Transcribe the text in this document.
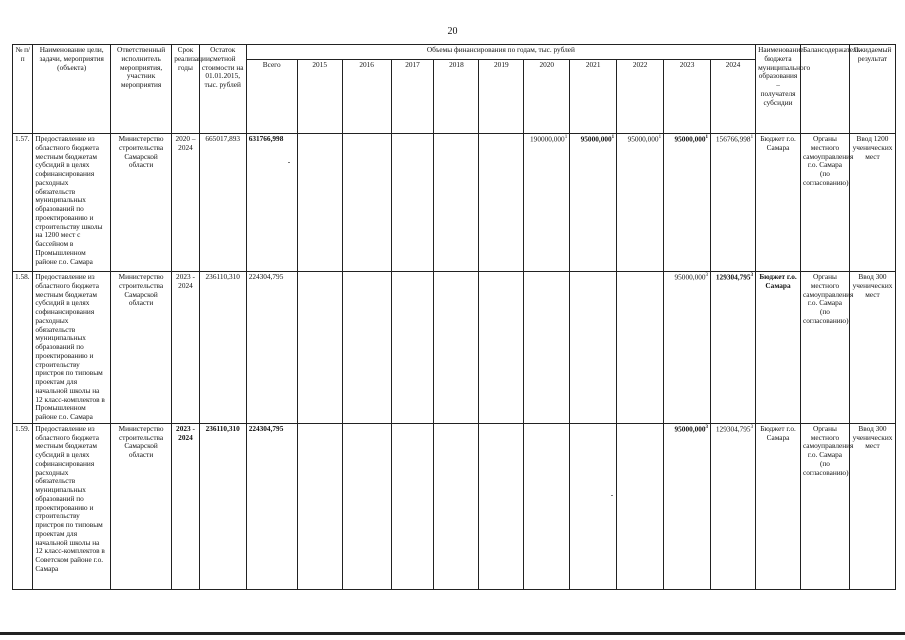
20
№ п/п	Наименование цели, задачи, мероприятия (объекта)	Ответственный исполнитель мероприятия, участник мероприятия	Срок реализации, годы	Остаток сметной стоимости на 01.01.2015, тыс. рублей	Объемы финансирования по годам, тыс. рублей											Наименование бюджета муниципального образования – получателя субсидии	Балансодержатель	Ожидаемый результат
					Всего	2015	2016	2017	2018	2019	2020	2021	2022	2023	2024			
1.57.	Предоставление из областного бюджета местным бюджетам субсидий в целях софинансирования расходных обязательств муниципальных образований по проектированию и строительству школы на 1200 мест с бассейном в Промышленном районе г.о. Самара	Министерство строительства Самарской области	2020 – 2024	665017,893	631766,998						190000,000$^1$	95000,000$^1$	95000,000$^1$	95000,000$^1$	156766,998$^1$	Бюджет г.о. Самара	Органы местного самоуправления г.о. Самара (по согласованию)	Ввод 1200 ученических мест
1.58.	Предоставление из областного бюджета местным бюджетам субсидий в целях софинансирования расходных обязательств муниципальных образований по проектированию и строительству пристроя по типовым проектам для начальной школы на 12 класс-комплектов в Промышленном районе г.о. Самара	Министерство строительства Самарской области	2023 - 2024	236110,310	224304,795									95000,000$^3$	129304,795$^3$	Бюджет г.о. Самара	Органы местного самоуправления г.о. Самара (по согласованию)	Ввод 300 ученических мест
1.59.	Предоставление из областного бюджета местным бюджетам субсидий в целях софинансирования расходных обязательств муниципальных образований по проектированию и строительству пристроя по типовым проектам для начальной школы на 12 класс-комплектов в Советском районе г.о. Самара	Министерство строительства Самарской области	2023 - 2024	236110,310	224304,795									95000,000$^3$	129304,795$^3$	Бюджет г.о. Самара	Органы местного самоуправления г.о. Самара (по согласованию)	Ввод 300 ученических мест
